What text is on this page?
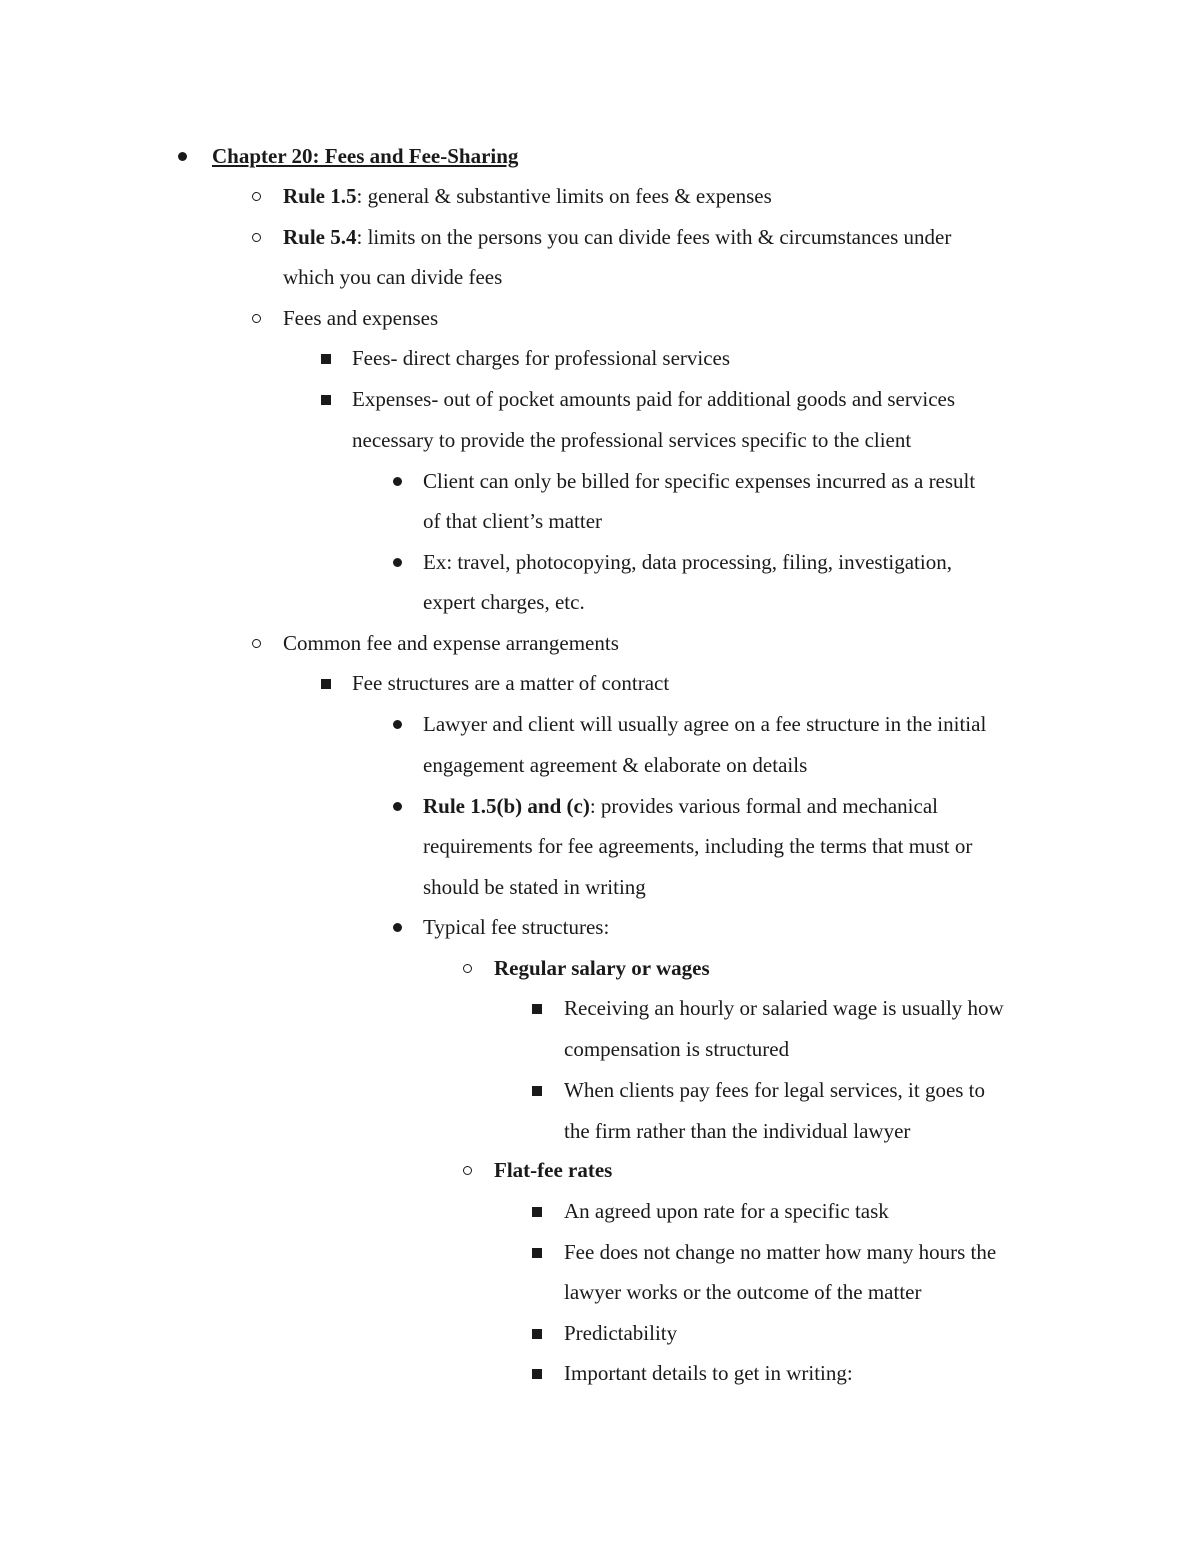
Chapter 20: Fees and Fee-Sharing
Rule 1.5: general & substantive limits on fees & expenses
Rule 5.4: limits on the persons you can divide fees with & circumstances under
which you can divide fees
Fees and expenses
Fees- direct charges for professional services
Expenses- out of pocket amounts paid for additional goods and services
necessary to provide the professional services specific to the client
Client can only be billed for specific expenses incurred as a result
of that client’s matter
Ex: travel, photocopying, data processing, filing, investigation,
expert charges, etc.
Common fee and expense arrangements
Fee structures are a matter of contract
Lawyer and client will usually agree on a fee structure in the initial
engagement agreement & elaborate on details
Rule 1.5(b) and (c): provides various formal and mechanical
requirements for fee agreements, including the terms that must or
should be stated in writing
Typical fee structures:
Regular salary or wages
Receiving an hourly or salaried wage is usually how
compensation is structured
When clients pay fees for legal services, it goes to
the firm rather than the individual lawyer
Flat-fee rates
An agreed upon rate for a specific task
Fee does not change no matter how many hours the
lawyer works or the outcome of the matter
Predictability
Important details to get in writing:
